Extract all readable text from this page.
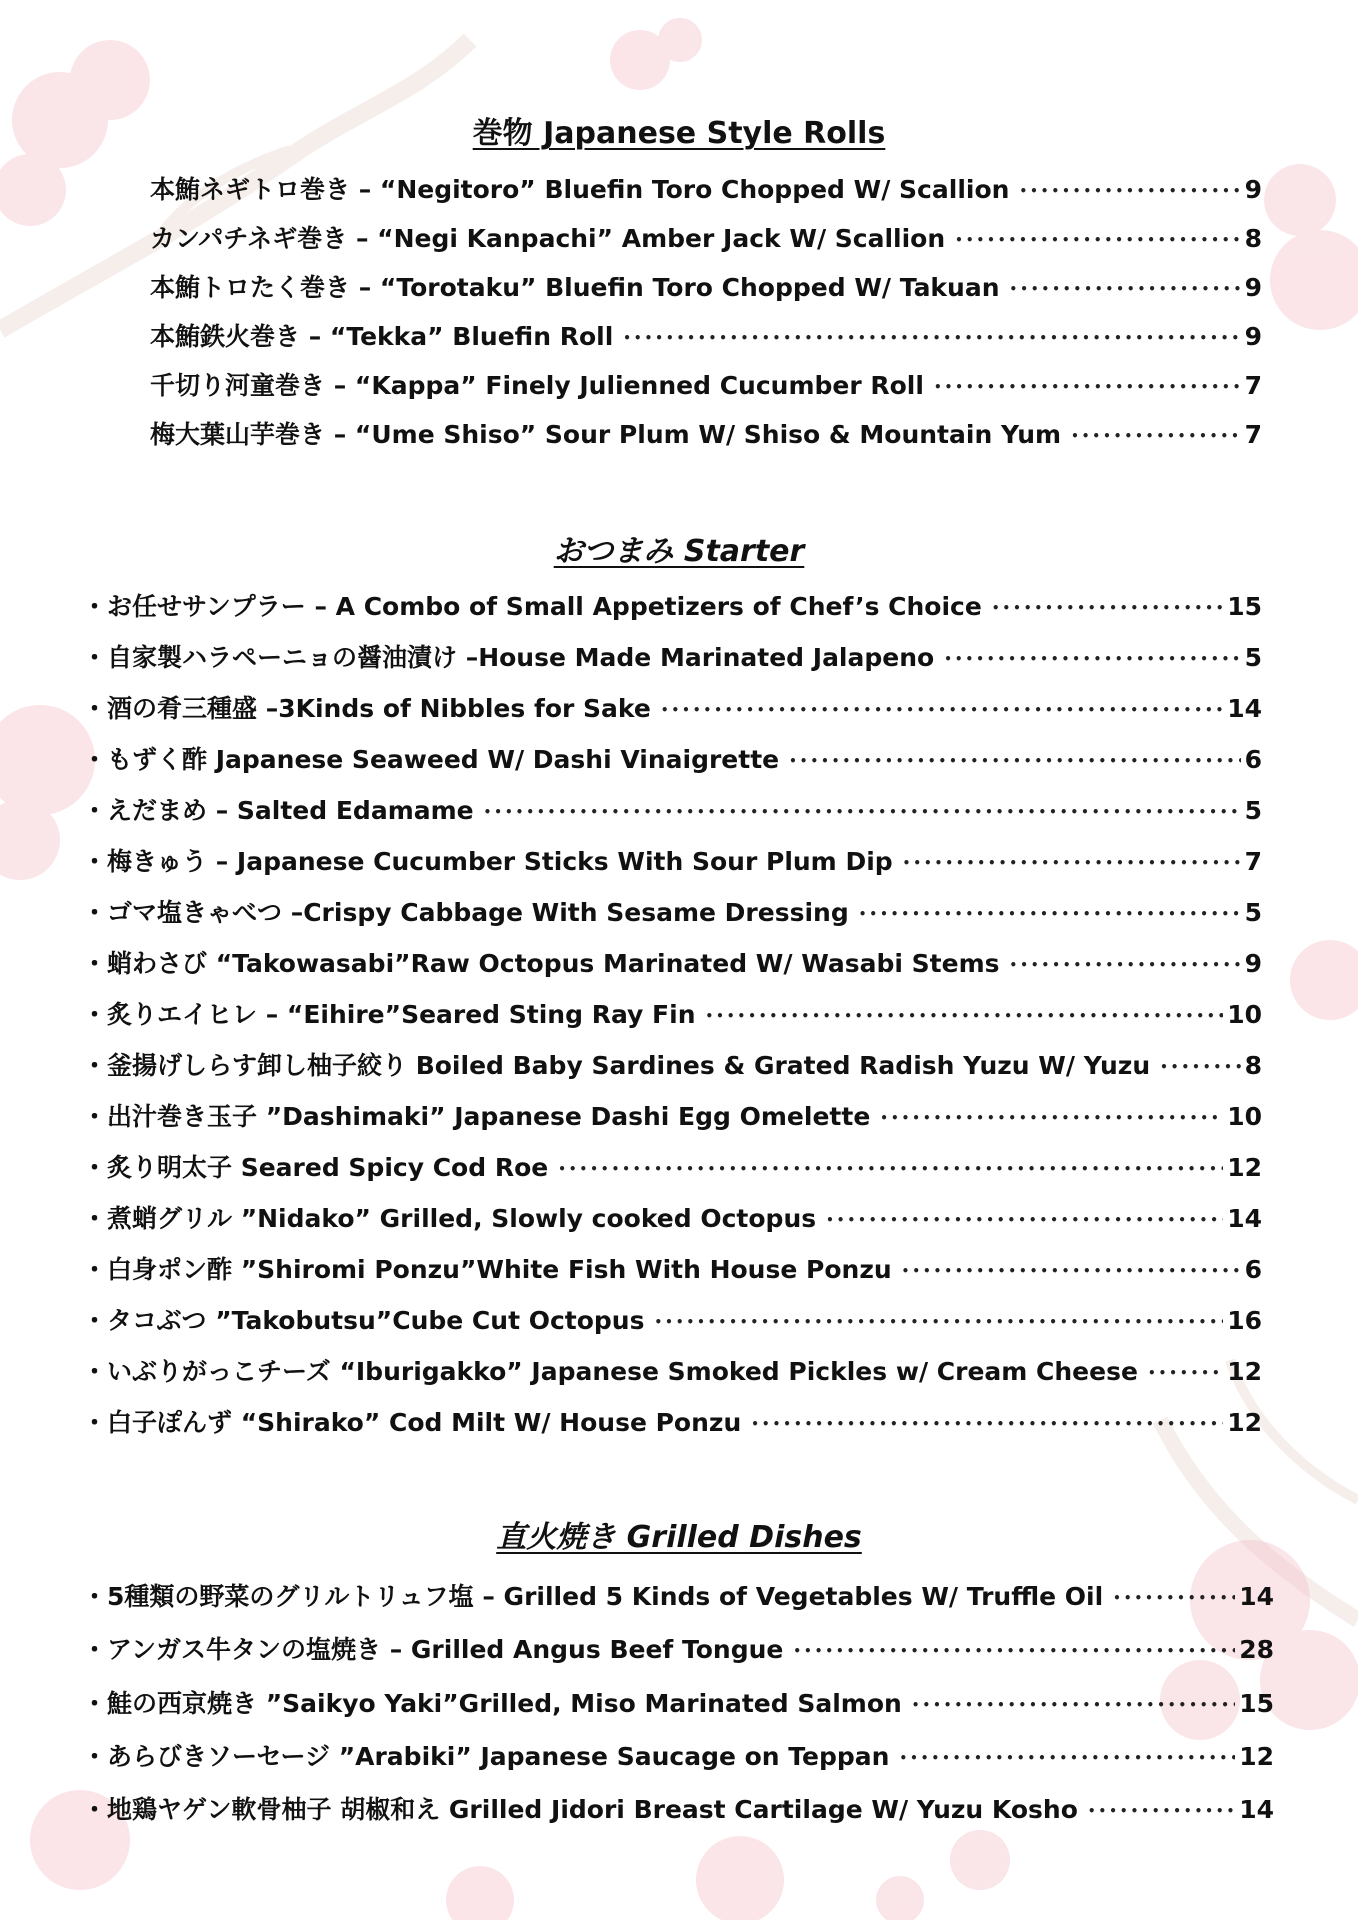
巻物 Japanese Style Rolls
本鮪ネギトロ巻き – “Negitoro” Bluefin Toro Chopped W/ Scallion •••••	9
カンパチネギ巻き – “Negi Kanpachi” Amber Jack W/ Scallion •••••	8
本鮪トロたく巻き – “Torotaku” Bluefin Toro Chopped W/ Takuan •••••	9
本鮪鉄火巻き – “Tekka” Bluefin Roll •••••	9
千切り河童巻き – “Kappa” Finely Julienned Cucumber Roll •••••	7
梅大葉山芋巻き – “Ume Shiso” Sour Plum W/ Shiso & Mountain Yum •••••	7
おつまみ Starter
・お任せサンプラー – A Combo of Small Appetizers of Chef’s Choice •••••	15
・自家製ハラペーニョの醤油漬け –House Made Marinated Jalapeno •••••	5
・酒の肴三種盛 –3Kinds of Nibbles for Sake •••••	14
・もずく酢 Japanese Seaweed W/ Dashi Vinaigrette •••••	6
・えだまめ – Salted Edamame •••••	5
・梅きゅう – Japanese Cucumber Sticks With Sour Plum Dip •••••	7
・ゴマ塩きゃべつ –Crispy Cabbage With Sesame Dressing •••••	5
・蛸わさび “Takowasabi”Raw Octopus Marinated W/ Wasabi Stems •••••	9
・炙りエイヒレ – “Eihire”Seared Sting Ray Fin •••••	10
・釜揚げしらす卸し柚子絞り Boiled Baby Sardines & Grated Radish Yuzu W/ Yuzu •••••	8
・出汁巻き玉子 ”Dashimaki” Japanese Dashi Egg Omelette •••••	10
・炙り明太子 Seared Spicy Cod Roe •••••	12
・煮蛸グリル ”Nidako” Grilled, Slowly cooked Octopus •••••	14
・白身ポン酢 ”Shiromi Ponzu”White Fish With House Ponzu •••••	6
・タコぶつ ”Takobutsu”Cube Cut Octopus •••••	16
・いぶりがっこチーズ “Iburigakko” Japanese Smoked Pickles w/ Cream Cheese •••••	12
・白子ぽんず “Shirako” Cod Milt W/ House Ponzu •••••	12
直火焼き Grilled Dishes
・5種類の野菜のグリルトリュフ塩 – Grilled 5 Kinds of Vegetables W/ Truffle Oil •••••	14
・アンガス牛タンの塩焼き – Grilled Angus Beef Tongue •••••	28
・鮭の西京焼き ”Saikyo Yaki”Grilled, Miso Marinated Salmon •••••	15
・あらびきソーセージ ”Arabiki” Japanese Saucage on Teppan •••••	12
・地鶏ヤゲン軟骨柚子 胡椒和え Grilled Jidori Breast Cartilage W/ Yuzu Kosho •••••	14
